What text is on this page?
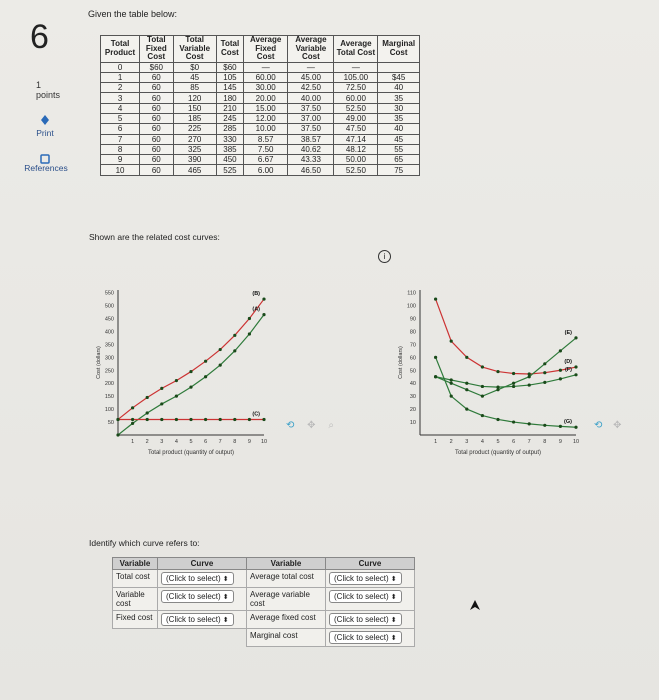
6
1
points
Print
References
Given the table below:
Total Product	Total Fixed Cost	Total Variable Cost	Total Cost	Average Fixed Cost	Average Variable Cost	Average Total Cost	Marginal Cost
0	$60	$0	$60	—	—	—	
1	60	45	105	60.00	45.00	105.00	$45
2	60	85	145	30.00	42.50	72.50	40
3	60	120	180	20.00	40.00	60.00	35
4	60	150	210	15.00	37.50	52.50	30
5	60	185	245	12.00	37.00	49.00	35
6	60	225	285	10.00	37.50	47.50	40
7	60	270	330	8.57	38.57	47.14	45
8	60	325	385	7.50	40.62	48.12	55
9	60	390	450	6.67	43.33	50.00	65
10	60	465	525	6.00	46.50	52.50	75
Shown are the related cost curves:
i
50
100
150
200
250
300
350
400
450
500
550
1 2 3 4 5 6 7 8 9 10
Cost (dollars)
Total product (quantity of output)
(B)
(A)
(C)
⟲ ✥ ⌕	10
20
30
40
50
60
70
80
90
100
110
1 2 3 4 5 6 7 8 9 10
Cost (dollars)
Total product (quantity of output)
(D)
(F)
(E)
(G) ⟲ ✥
Identify which curve refers to:
Variable	Curve	Variable	Curve
Total cost	(Click to select) ⬍	Average total cost	(Click to select) ⬍
Variable cost	(Click to select) ⬍	Average variable cost	(Click to select) ⬍
Fixed cost	(Click to select) ⬍	Average fixed cost	(Click to select) ⬍
		Marginal cost	(Click to select) ⬍
